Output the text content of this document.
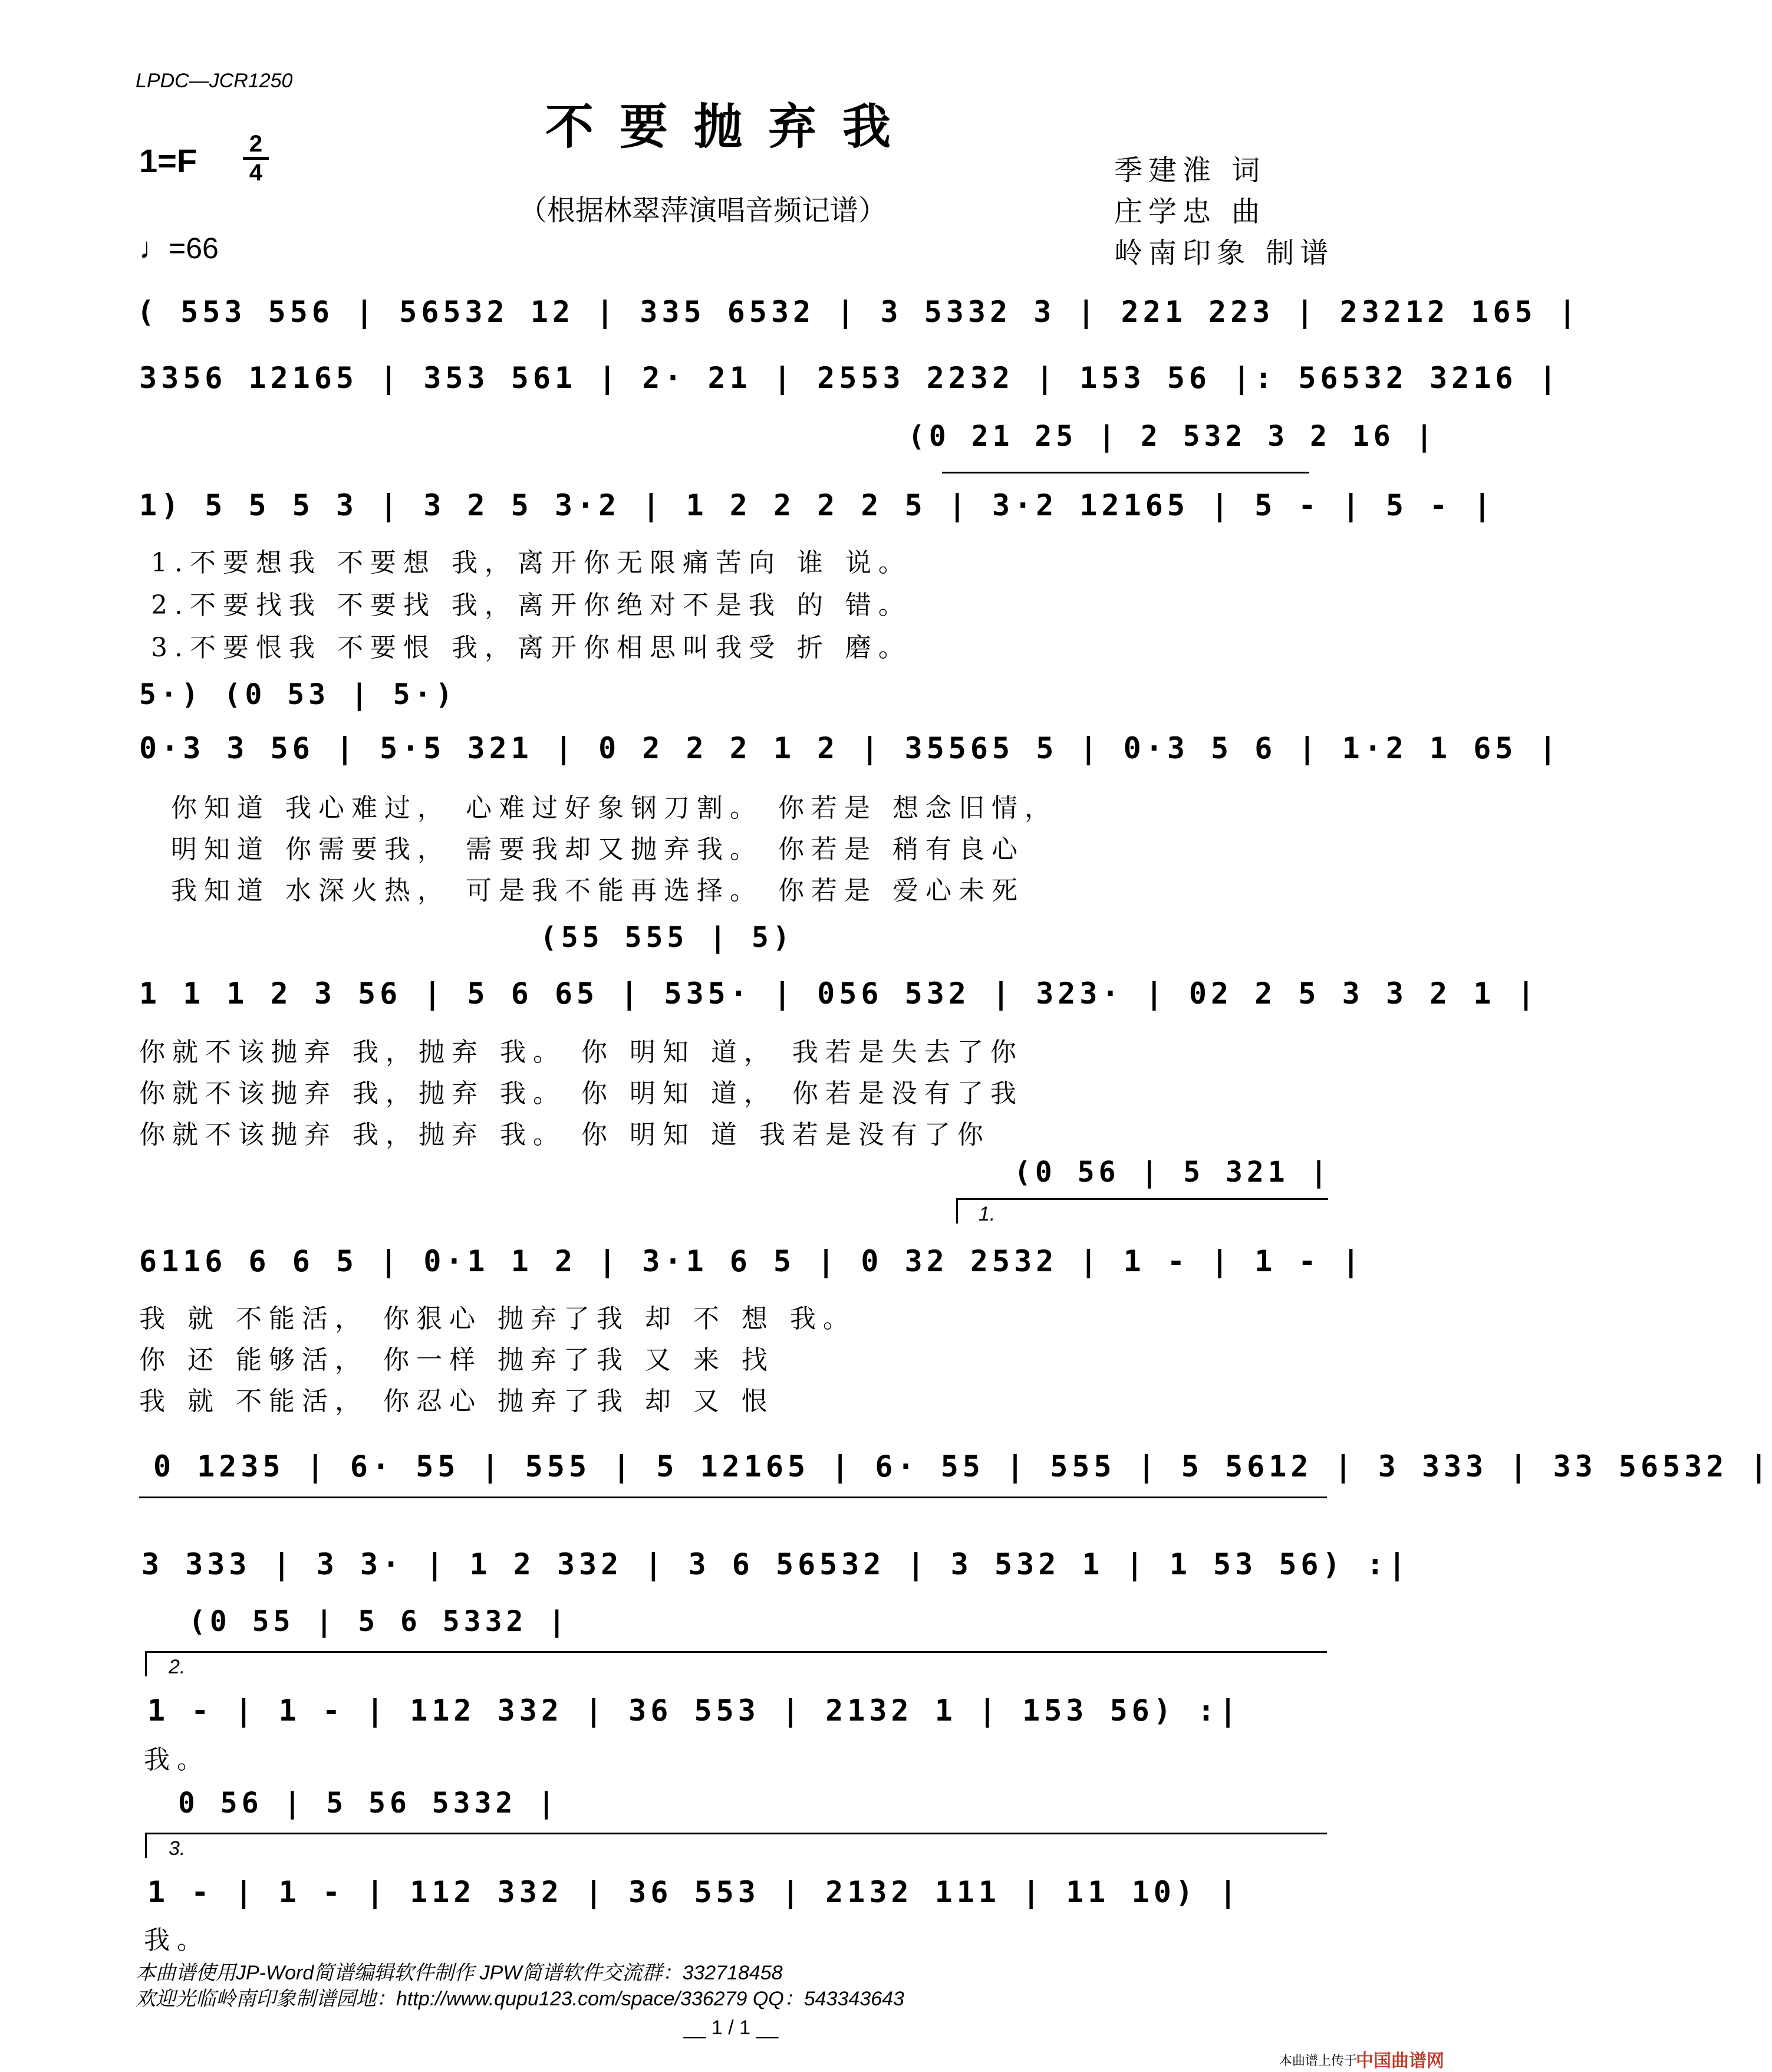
LPDC—JCR1250
不要抛弃我
1=F 2
4
（根据林翠萍演唱音频记谱）
♩=66
季建淮 词
庄学忠 曲
岭南印象 制谱
( 553 556 | 56532 12 | 335 6532 | 3 5332 3 | 221 223 | 23212 165 |
3356 12165 | 353 561 | 2· 21 | 2553 2232 | 153 56 |: 56532 3216 |
(0 21 25 | 2 532 3 2 16 |
1) 5 5 5 3 | 3 2 5 3·2 | 1 2 2 2 2 5 | 3·2 12165 | 5 - | 5 - |
1.不要想我 不要想 我，离开你无限痛苦向 谁 说。
2.不要找我 不要找 我，离开你绝对不是我 的 错。
3.不要恨我 不要恨 我，离开你相思叫我受 折 磨。
5·) (0 53 | 5·)
0·3 3 56 | 5·5 321 | 0 2 2 2 1 2 | 35565 5 | 0·3 5 6 | 1·2 1 65 |
你知道 我心难过， 心难过好象钢刀割。 你若是 想念旧情，
明知道 你需要我， 需要我却又抛弃我。 你若是 稍有良心
我知道 水深火热， 可是我不能再选择。 你若是 爱心未死
(55 555 | 5)
1 1 1 2 3 56 | 5 6 65 | 535· | 056 532 | 323· | 02 2 5 3 3 2 1 |
你就不该抛弃 我，抛弃 我。 你 明知 道， 我若是失去了你
你就不该抛弃 我，抛弃 我。 你 明知 道， 你若是没有了我
你就不该抛弃 我，抛弃 我。 你 明知 道 我若是没有了你
(0 56 | 5 321 |
1.
6116 6 6 5 | 0·1 1 2 | 3·1 6 5 | 0 32 2532 | 1 - | 1 - |
我 就 不能活， 你狠心 抛弃了我 却 不 想 我。
你 还 能够活， 你一样 抛弃了我 又 来 找
我 就 不能活， 你忍心 抛弃了我 却 又 恨
0 1235 | 6· 55 | 555 | 5 12165 | 6· 55 | 555 | 5 5612 | 3 333 | 33 56532 |
3 333 | 3 3· | 1 2 332 | 3 6 56532 | 3 532 1 | 1 53 56) :|
(0 55 | 5 6 5332 |
2.
1 - | 1 - | 112 332 | 36 553 | 2132 1 | 153 56) :|
我。
0 56 | 5 56 5332 |
3.
1 - | 1 - | 112 332 | 36 553 | 2132 111 | 11 10) |
我。
本曲谱使用JP-Word简谱编辑软件制作 JPW简谱软件交流群：332718458
欢迎光临岭南印象制谱园地：http://www.qupu123.com/space/336279 QQ：543343643
__ 1 / 1 __
本曲谱上传于
中国曲谱网
